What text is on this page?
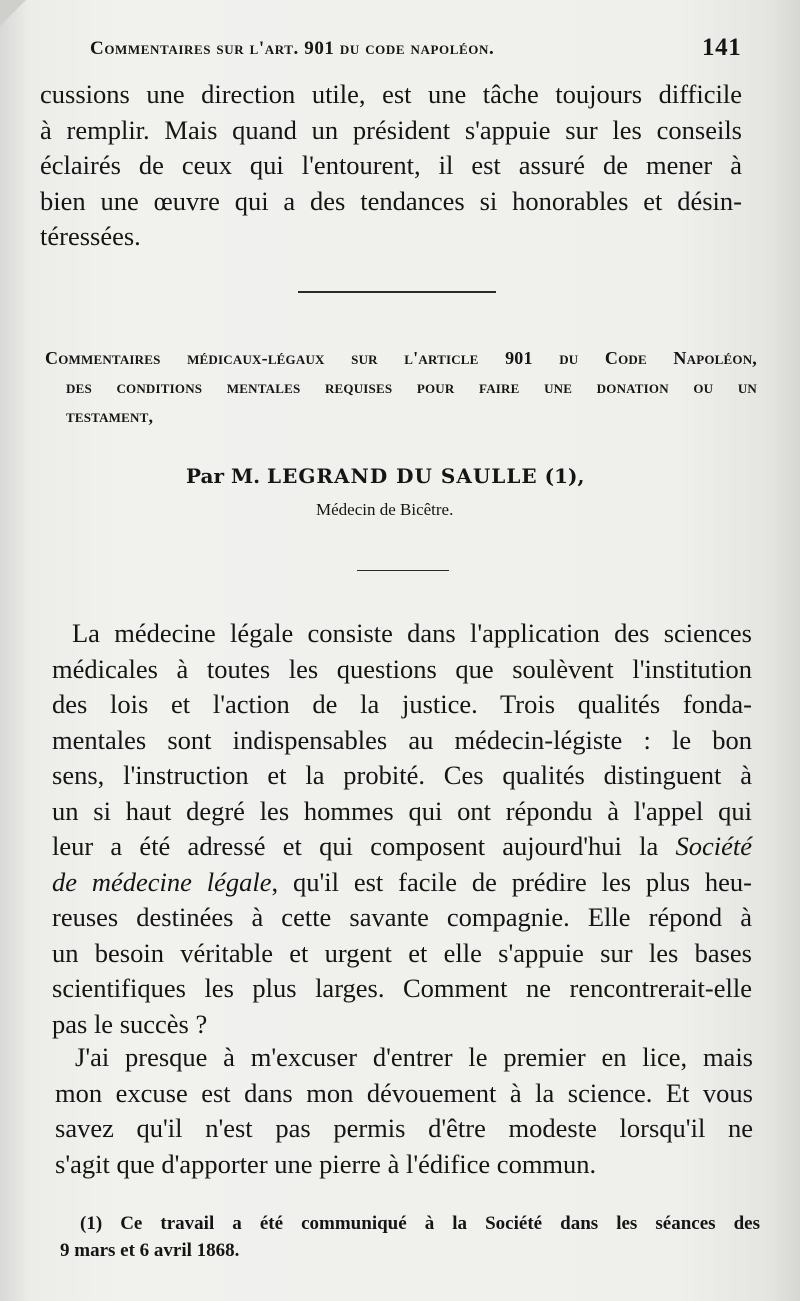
Commentaires sur l'art. 901 du code napoléon.	141
cussions une direction utile, est une tâche toujours difficile
à remplir. Mais quand un président s'appuie sur les conseils
éclairés de ceux qui l'entourent, il est assuré de mener à
bien une œuvre qui a des tendances si honorables et désin-
téressées.
Commentaires médicaux-légaux sur l'article 901 du Code Napoléon,
des conditions mentales requises pour faire une donation ou un
testament,
Par M. LEGRAND DU SAULLE (1),
Médecin de Bicêtre.
La médecine légale consiste dans l'application des sciences
médicales à toutes les questions que soulèvent l'institution
des lois et l'action de la justice. Trois qualités fonda-
mentales sont indispensables au médecin-légiste : le bon
sens, l'instruction et la probité. Ces qualités distinguent à
un si haut degré les hommes qui ont répondu à l'appel qui
leur a été adressé et qui composent aujourd'hui la Société
de médecine légale, qu'il est facile de prédire les plus heu-
reuses destinées à cette savante compagnie. Elle répond à
un besoin véritable et urgent et elle s'appuie sur les bases
scientifiques les plus larges. Comment ne rencontrerait-elle
pas le succès ?
J'ai presque à m'excuser d'entrer le premier en lice, mais
mon excuse est dans mon dévouement à la science. Et vous
savez qu'il n'est pas permis d'être modeste lorsqu'il ne
s'agit que d'apporter une pierre à l'édifice commun.
(1) Ce travail a été communiqué à la Société dans les séances des
9 mars et 6 avril 1868.
